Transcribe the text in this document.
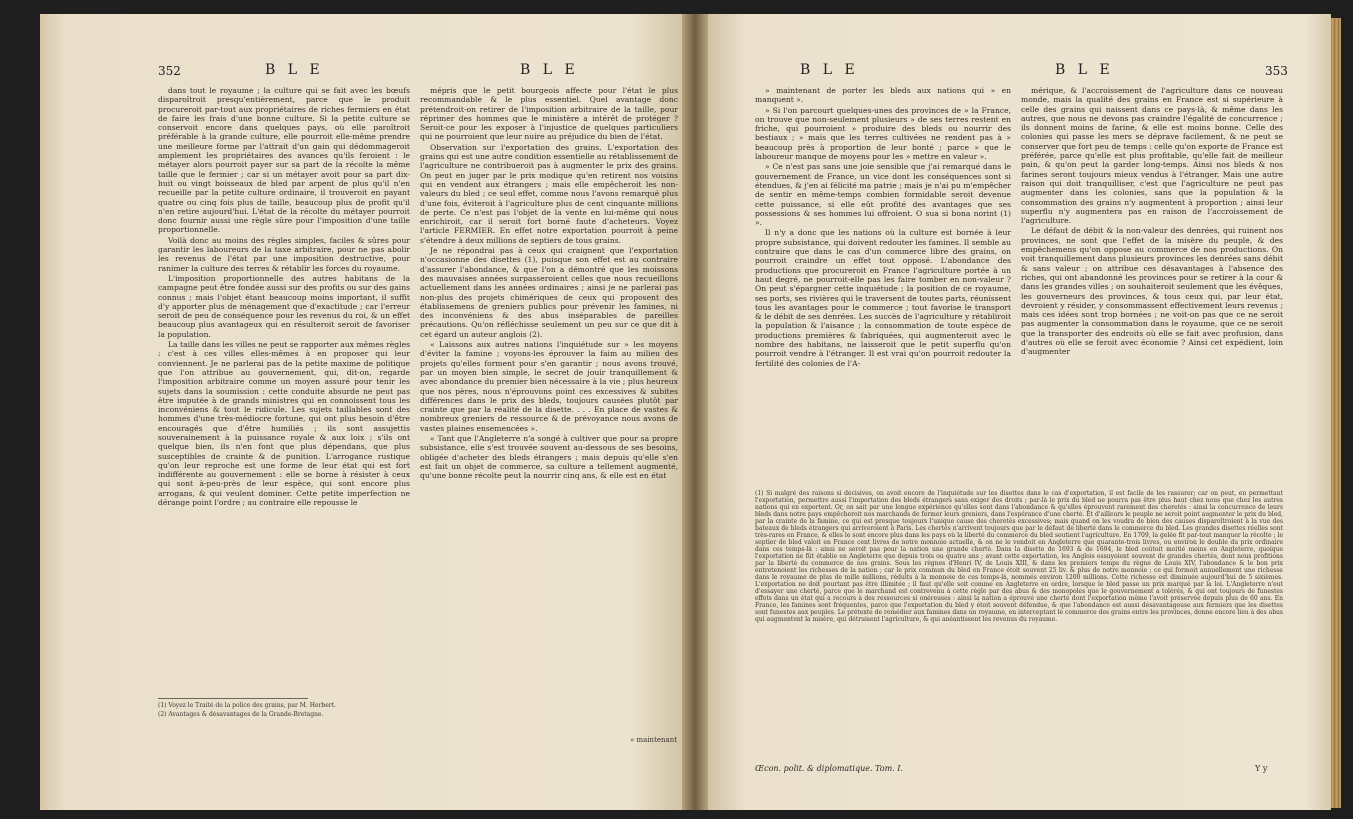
352	B L E	B L E

dans tout le royaume ; la culture qui se fait avec les bœufs disparoîtroit presqu'entièrement, parce que le produit procureroit par-tout aux propriétaires de riches fermiers en état de faire les frais d'une bonne culture. Si la petite culture se conservoit encore dans quelques pays, où elle paroîtroit préférable à la grande culture, elle pourroit elle-même prendre une meilleure forme par l'attrait d'un gain qui dédommageroit amplement les propriétaires des avances qu'ils feroient : le métayer alors pourroit payer sur sa part de la récolte la même taille que le fermier ; car si un métayer avoit pour sa part dix-huit ou vingt boisseaux de bled par arpent de plus qu'il n'en recueille par la petite culture ordinaire, il trouveroit en payant quatre ou cinq fois plus de taille, beaucoup plus de profit qu'il n'en retire aujourd'hui. L'état de la récolte du métayer pourroit donc fournir aussi une règle sûre pour l'imposition d'une taille proportionnelle.

Voilà donc au moins des règles simples, faciles & sûres pour garantir les laboureurs de la taxe arbitraire, pour ne pas abolir les revenus de l'état par une imposition destructive, pour ranimer la culture des terres & rétablir les forces du royaume.

L'imposition proportionnelle des autres habitans de la campagne peut être fondée aussi sur des profits ou sur des gains connus ; mais l'objet étant beaucoup moins important, il suffit d'y apporter plus de ménagement que d'exactitude ; car l'erreur seroit de peu de conséquence pour les revenus du roi, & un effet beaucoup plus avantageux qui en résulteroit seroit de favoriser la population.

La taille dans les villes ne peut se rapporter aux mêmes règles : c'est à ces villes elles-mêmes à en proposer qui leur conviennent. Je ne parlerai pas de la petite maxime de politique que l'on attribue au gouvernement, qui, dit-on, regarde l'imposition arbitraire comme un moyen assuré pour tenir les sujets dans la soumission : cette conduite absurde ne peut pas être imputée à de grands ministres qui en connoissent tous les inconvéniens & tout le ridicule. Les sujets taillables sont des hommes d'une très-médiocre fortune, qui ont plus besoin d'être encouragés que d'être humiliés ; ils sont assujettis souverainement à la puissance royale & aux loix ; s'ils ont quelque bien, ils n'en font que plus dépendans, que plus susceptibles de crainte & de punition. L'arrogance rustique qu'on leur reproche est une forme de leur état qui est fort indifférente au gouvernement : elle se borne à résister à ceux qui sont à-peu-près de leur espèce, qui sont encore plus arrogans, & qui veulent dominer. Cette petite imperfection ne dérange point l'ordre ; au contraire elle repousse le

mépris que le petit bourgeois affecte pour l'état le plus recommandable & le plus essentiel. Quel avantage donc prétendroit-on retirer de l'imposition arbitraire de la taille, pour réprimer des hommes que le ministère a intérêt de protéger ? Seroit-ce pour les exposer à l'injustice de quelques particuliers qui ne pourroient que leur nuire au préjudice du bien de l'état.

Observation sur l'exportation des grains. L'exportation des grains qui est une autre condition essentielle au rétablissement de l'agriculture ne contribueroit pas à augmenter le prix des grains. On peut en juger par le prix modique qu'en retirent nos voisins qui en vendent aux étrangers ; mais elle empêcheroit les non-valeurs du bled ; ce seul effet, comme nous l'avons remarqué plus d'une fois, éviteroit à l'agriculture plus de cent cinquante millions de perte. Ce n'est pas l'objet de la vente en lui-même qui nous enrichiroit, car il seroit fort borné faute d'acheteurs. Voyez l'article FERMIER. En effet notre exportation pourroit à peine s'étendre à deux millions de septiers de tous grains.

Je ne répondrai pas à ceux qui craignent que l'exportation n'occasionne des disettes (1), puisque son effet est au contraire d'assurer l'abondance, & que l'on a démontré que les moissons des mauvaises années surpasseroient celles que nous recueillons actuellement dans les années ordinaires ; ainsi je ne parlerai pas non-plus des projets chimériques de ceux qui proposent des établissemens de greniers publics pour prévenir les famines, ni des inconvéniens & des abus inséparables de pareilles précautions. Qu'on réfléchisse seulement un peu sur ce que dit à cet égard un auteur anglois (2).

« Laissons aux autres nations l'inquiétude sur » les moyens d'éviter la famine ; voyons-les éprouver la faim au milieu des projets qu'elles forment pour s'en garantir ; nous avons trouvé, par un moyen bien simple, le secret de jouir tranquillement & avec abondance du premier bien nécessaire à la vie ; plus heureux que nos pères, nous n'éprouvons point ces excessives & subites différences dans le prix des bleds, toujours causées plutôt par crainte que par la réalité de la disette. . . . En place de vastes & nombreux greniers de ressource & de prévoyance nous avons de vastes plaines ensemencées ».

« Tant que l'Angleterre n'a songé à cultiver que pour sa propre subsistance, elle s'est trouvée souvent au-dessous de ses besoins, obligée d'acheter des bleds étrangers ; mais depuis qu'elle s'en est fait un objet de commerce, sa culture a tellement augmenté, qu'une bonne récolte peut la nourrir cinq ans, & elle est en état

(1) Voyez le Traité de la police des grains, par M. Herbert.
(2) Avantages & désavantages de la Grande-Bretagne.
» maintenant
B L E	B L E	353

» maintenant de porter les bleds aux nations qui » en manquent ».

» Si l'on parcourt quelques-unes des provinces de » la France, on trouve que non-seulement plusieurs » de ses terres restent en friche, qui pourroient » produire des bleds ou nourrir des bestiaux ; » mais que les terres cultivées ne rendent pas à » beaucoup près à proportion de leur bonté ; parce » que le laboureur manque de moyens pour les » mettre en valeur ».

» Ce n'est pas sans une joie sensible que j'ai remarqué dans le gouvernement de France, un vice dont les conséquences sont si étendues, & j'en ai félicité ma patrie ; mais je n'ai pu m'empêcher de sentir en même-temps combien formidable seroit devenue cette puissance, si elle eût profité des avantages que ses possessions & ses hommes lui offroient. O sua si bona norint (1) ».

Il n'y a donc que les nations où la culture est bornée à leur propre subsistance, qui doivent redouter les famines. Il semble au contraire que dans le cas d'un commerce libre des grains, on pourroit craindre un effet tout opposé. L'abondance des productions que procureroit en France l'agriculture portée à un haut degré, ne pourroit-elle pas les faire tomber en non-valeur ? On peut s'épargner cette inquiétude ; la position de ce royaume, ses ports, ses rivières qui le traversent de toutes parts, réunissent tous les avantages pour le commerce ; tout favorise le transport & le débit de ses denrées. Les succès de l'agriculture y rétabliroit la population & l'aisance ; la consommation de toute espèce de productions premières & fabriquées, qui augmenteroit avec le nombre des habitans, ne laisseroit que le petit superflu qu'on pourroit vendre à l'étranger. Il est vrai qu'on pourroit redouter la fertilité des colonies de l'A-

mérique, & l'accroissement de l'agriculture dans ce nouveau monde, mais la qualité des grains en France est si supérieure à celle des grains qui naissent dans ce pays-là, & même dans les autres, que nous ne devons pas craindre l'égalité de concurrence ; ils donnent moins de farine, & elle est moins bonne. Celle des colonies qui passe les mers se déprave facilement, & ne peut se conserver que fort peu de temps : celle qu'on exporte de France est préférée, parce qu'elle est plus profitable, qu'elle fait de meilleur pain, & qu'on peut la garder long-temps. Ainsi nos bleds & nos farines seront toujours mieux vendus à l'étranger. Mais une autre raison qui doit tranquilliser, c'est que l'agriculture ne peut pas augmenter dans les colonies, sans que la population & la consommation des grains n'y augmentent à proportion ; ainsi leur superflu n'y augmentera pas en raison de l'accroissement de l'agriculture.

Le défaut de débit & la non-valeur des denrées, qui ruinent nos provinces, ne sont que l'effet de la misère du peuple, & des empêchemens qu'on oppose au commerce de nos productions. On voit tranquillement dans plusieurs provinces les denrées sans débit & sans valeur ; on attribue ces désavantages à l'absence des riches, qui ont abandonné les provinces pour se retirer à la cour & dans les grandes villes ; on souhaiteroit seulement que les évêques, les gouverneurs des provinces, & tous ceux qui, par leur état, devroient y résider, y consommassent effectivement leurs revenus ; mais ces idées sont trop bornées ; ne voit-on pas que ce ne seroit pas augmenter la consommation dans le royaume, que ce ne seroit que la transporter des endroits où elle se fait avec profusion, dans d'autres où elle se feroit avec économie ? Ainsi cet expédient, loin d'augmenter

(1) Si malgré des raisons si décisives, on avoit encore de l'inquiétude sur les disettes dans le cas d'exportation, il est facile de les rassurer; car on peut, en permettant l'exportation, permettre aussi l'importation des bleds étrangers sans exiger des droits ; par-là le prix du bled ne pourra pas être plus haut chez nous que chez les autres nations qui en exportent. Or, on sait par une longue expérience qu'elles sont dans l'abondance & qu'elles éprouvent rarement des cheretés : ainsi la concurrence de leurs bleds dans notre pays empêcheroit nos marchands de fermer leurs greniers, dans l'espérance d'une cherté. Et d'ailleurs le peuple ne seroit point augmenter le prix du bled, par la crainte de la famine, ce qui est presque toujours l'unique cause des cheretés excessives; mais quand on les voudra de bien des causes disparoîtroient à la vue des bateaux de bleds étrangers qui arriveroient à Paris. Les chertés n'arrivent toujours que par le défaut de liberté dans le commerce du bled. Les grandes disettes réelles sont très-rares en France, & elles le sont encore plus dans les pays où la liberté du commerce du bled soutient l'agriculture. En 1709, la gelée fit par-tout manquer la récolte ; le septier de bled valoit en France cent livres de notre monnoie actuelle, & on ne le vendoit en Angleterre que quarante-trois livres, ou environ le double du prix ordinaire dans ces temps-là : ainsi ne seroit pas pour la nation une grande cherté. Dans la disette de 1693 & de 1694, le bled coûtoit moitié moins en Angleterre, quoique l'exportation ne fût établie en Angleterre que depuis trois ou quatre ans ; avant cette exportation, les Anglois essuyoient souvent de grandes chertés, dont nous profitions par la liberté du commerce de nos grains. Sous les règnes d'Henri IV, de Louis XIII, & dans les premiers temps du règne de Louis XIV, l'abondance & le bon prix entretenoient les richesses de la nation ; car le prix commun du bled en France étoit souvent 25 liv. & plus de notre monnoie ; ce qui formoit annuellement une richesse dans le royaume de plus de mille millions, réduits à la monnoie de ces temps-là, nommés environ 1200 millions. Cette richesse est diminuée aujourd'hui de 5 sixièmes. L'exportation ne doit pourtant pas être illimitée ; il faut qu'elle soit comme en Angleterre en ordre, lorsque le bled passe un prix marqué par la loi. L'Angleterre n'eut d'essayer une cherté, parce que le marchand est contrevenu à cette règle par des abus & des monopoles que le gouvernement a tolérés, & qui ont toujours de funestes effets dans un état qui a recours à des ressources si onéreuses : ainsi la nation a éprouvé une cherté dont l'exportation même l'avoit préservée depuis plus de 60 ans. En France, les famines sont fréquentes, parce que l'exportation du bled y étoit souvent défendue, & que l'abondance est aussi désavantageuse aux fermiers que les disettes sont funestes aux peuples. Le prétexte de remédier aux famines dans un royaume, en interceptant le commerce des grains entre les provinces, donne encore lieu à des abus qui augmentent la misère, qui détruisent l'agriculture, & qui anéantissent les revenus du royaume.
Œcon. polit. & diplomatique. Tom. I.	Y y
